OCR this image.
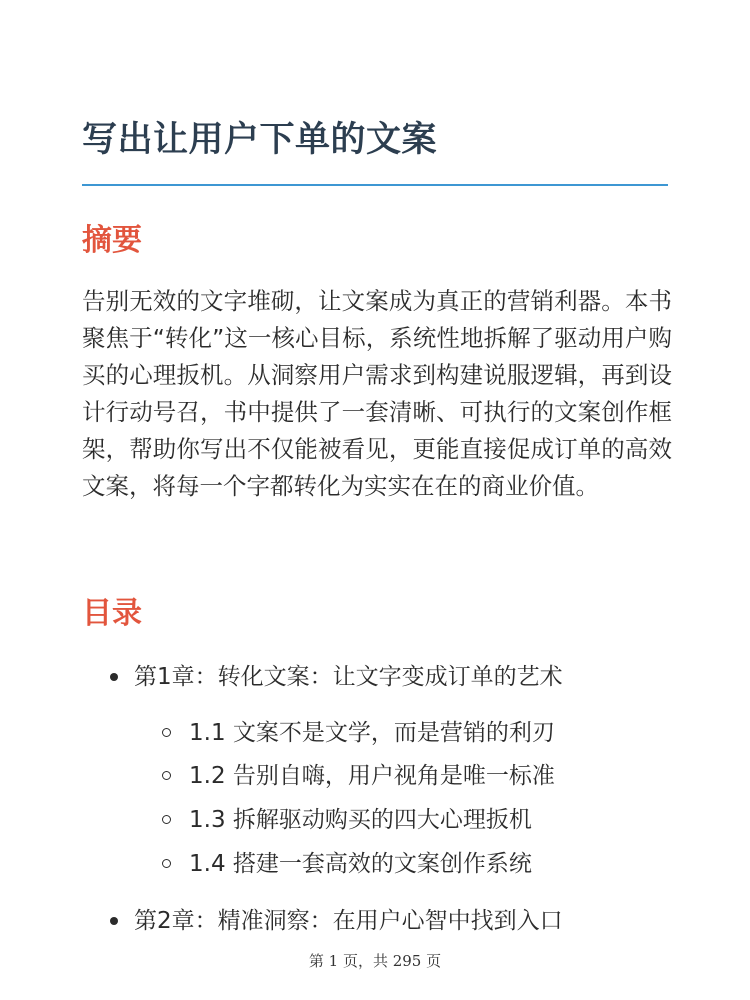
写出让用户下单的文案
摘要

告别无效的文字堆砌，让文案成为真正的营销利器。本书聚焦于“转化”这一核心目标，系统性地拆解了驱动用户购买的心理扳机。从洞察用户需求到构建说服逻辑，再到设计行动号召，书中提供了一套清晰、可执行的文案创作框架，帮助你写出不仅能被看见，更能直接促成订单的高效文案，将每一个字都转化为实实在在的商业价值。

目录
第1章：转化文案：让文字变成订单的艺术
1.1 文案不是文学，而是营销的利刃
1.2 告别自嗨，用户视角是唯一标准
1.3 拆解驱动购买的四大心理扳机
1.4 搭建一套高效的文案创作系统
第2章：精准洞察：在用户心智中找到入口
第 1 页，共 295 页
